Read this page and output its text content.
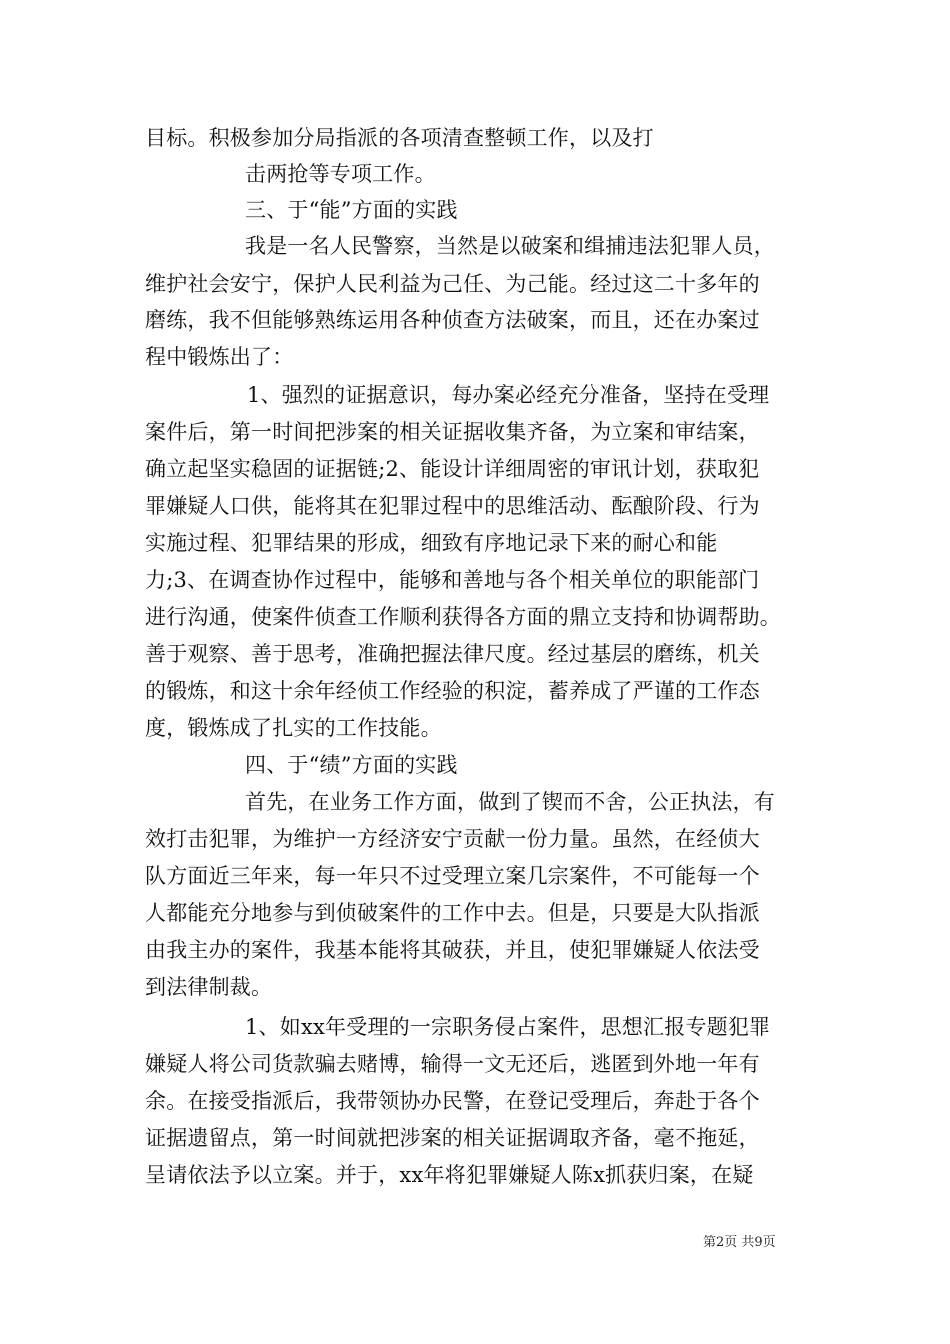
目标。积极参加分局指派的各项清查整顿工作，以及打
击两抢等专项工作。
三、于“能”方面的实践
我是一名人民警察，当然是以破案和缉捕违法犯罪人员，
维护社会安宁，保护人民利益为己任、为己能。经过这二十多年的
磨练，我不但能够熟练运用各种侦查方法破案，而且，还在办案过
程中锻炼出了：
1、强烈的证据意识，每办案必经充分准备，坚持在受理
案件后，第一时间把涉案的相关证据收集齐备，为立案和审结案，
确立起坚实稳固的证据链;2、能设计详细周密的审讯计划，获取犯
罪嫌疑人口供，能将其在犯罪过程中的思维活动、酝酿阶段、行为
实施过程、犯罪结果的形成，细致有序地记录下来的耐心和能
力;3、在调查协作过程中，能够和善地与各个相关单位的职能部门
进行沟通，使案件侦查工作顺利获得各方面的鼎立支持和协调帮助。
善于观察、善于思考，准确把握法律尺度。经过基层的磨练，机关
的锻炼，和这十余年经侦工作经验的积淀，蓄养成了严谨的工作态
度，锻炼成了扎实的工作技能。
四、于“绩”方面的实践
首先，在业务工作方面，做到了锲而不舍，公正执法，有
效打击犯罪，为维护一方经济安宁贡献一份力量。虽然，在经侦大
队方面近三年来，每一年只不过受理立案几宗案件，不可能每一个
人都能充分地参与到侦破案件的工作中去。但是，只要是大队指派
由我主办的案件，我基本能将其破获，并且，使犯罪嫌疑人依法受
到法律制裁。
1、如xx年受理的一宗职务侵占案件，思想汇报专题犯罪
嫌疑人将公司货款骗去赌博，输得一文无还后，逃匿到外地一年有
余。在接受指派后，我带领协办民警，在登记受理后，奔赴于各个
证据遗留点，第一时间就把涉案的相关证据调取齐备，毫不拖延，
呈请依法予以立案。并于，xx年将犯罪嫌疑人陈x抓获归案，在疑
第2页 共9页
